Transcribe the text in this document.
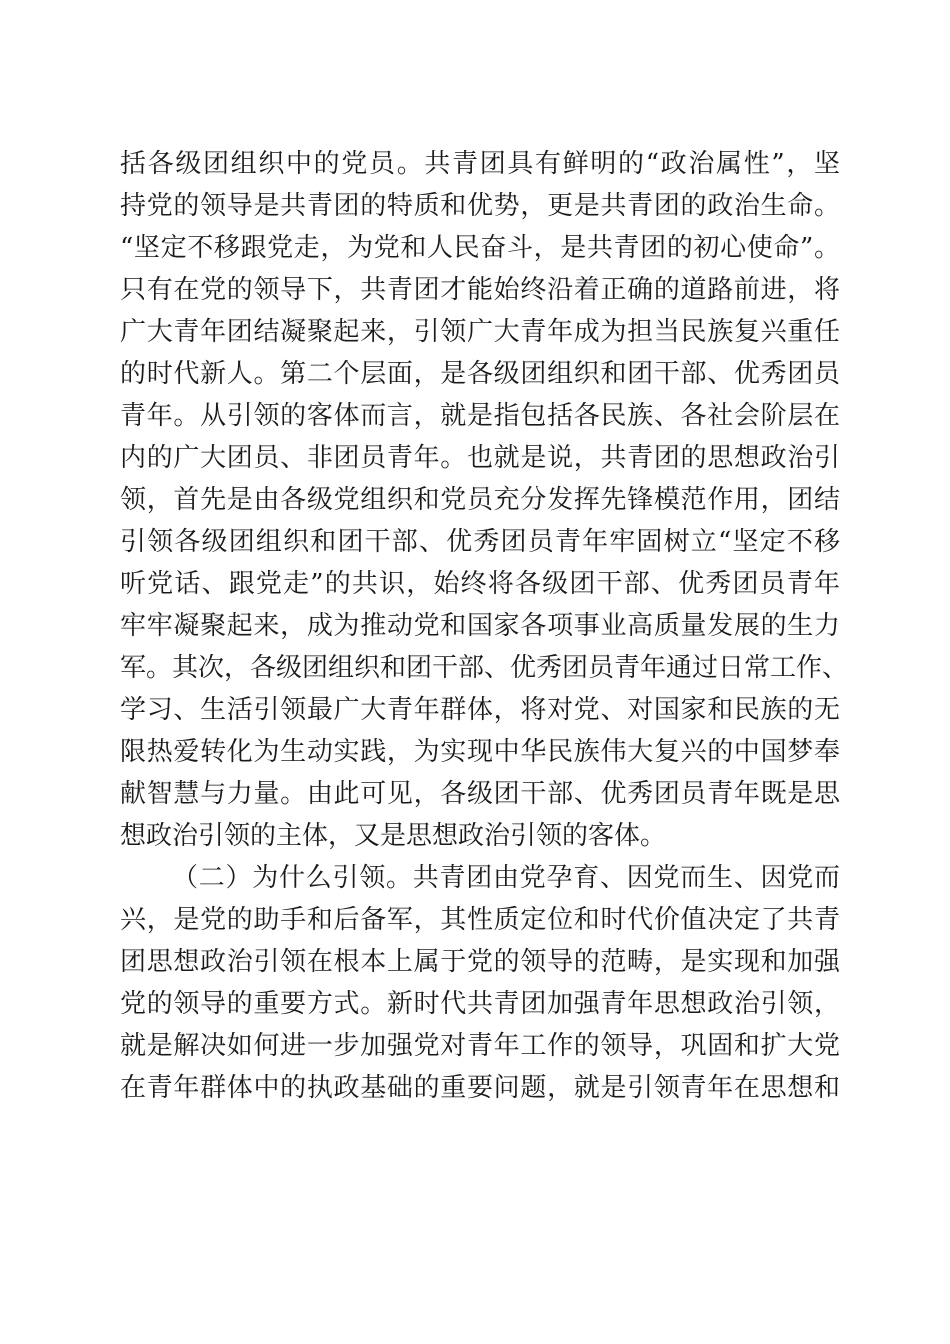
括各级团组织中的党员。共青团具有鲜明的“政治属性”，坚
持党的领导是共青团的特质和优势，更是共青团的政治生命。
“坚定不移跟党走，为党和人民奋斗，是共青团的初心使命”。
只有在党的领导下，共青团才能始终沿着正确的道路前进，将
广大青年团结凝聚起来，引领广大青年成为担当民族复兴重任
的时代新人。第二个层面，是各级团组织和团干部、优秀团员
青年。从引领的客体而言，就是指包括各民族、各社会阶层在
内的广大团员、非团员青年。也就是说，共青团的思想政治引
领，首先是由各级党组织和党员充分发挥先锋模范作用，团结
引领各级团组织和团干部、优秀团员青年牢固树立“坚定不移
听党话、跟党走”的共识，始终将各级团干部、优秀团员青年
牢牢凝聚起来，成为推动党和国家各项事业高质量发展的生力
军。其次，各级团组织和团干部、优秀团员青年通过日常工作、
学习、生活引领最广大青年群体，将对党、对国家和民族的无
限热爱转化为生动实践，为实现中华民族伟大复兴的中国梦奉
献智慧与力量。由此可见，各级团干部、优秀团员青年既是思
想政治引领的主体，又是思想政治引领的客体。
（二）为什么引领。共青团由党孕育、因党而生、因党而
兴，是党的助手和后备军，其性质定位和时代价值决定了共青
团思想政治引领在根本上属于党的领导的范畴，是实现和加强
党的领导的重要方式。新时代共青团加强青年思想政治引领，
就是解决如何进一步加强党对青年工作的领导，巩固和扩大党
在青年群体中的执政基础的重要问题，就是引领青年在思想和
